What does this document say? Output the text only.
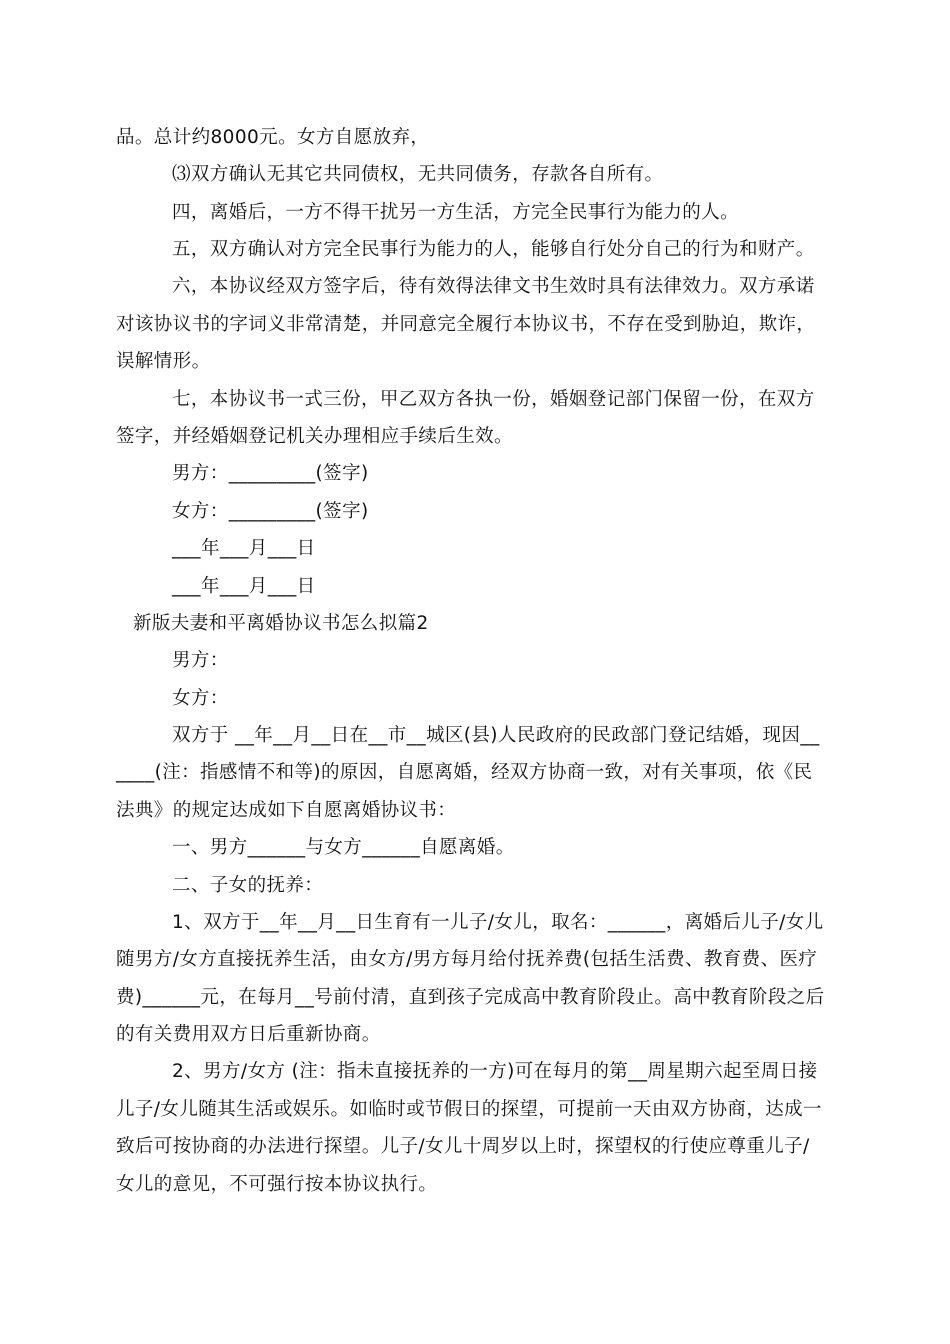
品。总计约8000元。女方自愿放弃，
⑶双方确认无其它共同债权，无共同债务，存款各自所有。
四，离婚后，一方不得干扰另一方生活，方完全民事行为能力的人。
五，双方确认对方完全民事行为能力的人，能够自行处分自己的行为和财产。
六，本协议经双方签字后，待有效得法律文书生效时具有法律效力。双方承诺
对该协议书的字词义非常清楚，并同意完全履行本协议书，不存在受到胁迫，欺诈，
误解情形。
七，本协议书一式三份，甲乙双方各执一份，婚姻登记部门保留一份，在双方
签字，并经婚姻登记机关办理相应手续后生效。
男方：_________(签字)
女方：_________(签字)
___年___月___日
___年___月___日
新版夫妻和平离婚协议书怎么拟篇2
男方：
女方：
双方于 __年__月__日在__市__城区(县)人民政府的民政部门登记结婚，现因__
____(注：指感情不和等)的原因，自愿离婚，经双方协商一致，对有关事项，依《民
法典》的规定达成如下自愿离婚协议书：
一、男方______与女方______自愿离婚。
二、子女的抚养：
1、双方于__年__月__日生育有一儿子/女儿，取名：______，离婚后儿子/女儿
随男方/女方直接抚养生活，由女方/男方每月给付抚养费(包括生活费、教育费、医疗
费)______元，在每月__号前付清，直到孩子完成高中教育阶段止。高中教育阶段之后
的有关费用双方日后重新协商。
2、男方/女方 (注：指未直接抚养的一方)可在每月的第__周星期六起至周日接
儿子/女儿随其生活或娱乐。如临时或节假日的探望，可提前一天由双方协商，达成一
致后可按协商的办法进行探望。儿子/女儿十周岁以上时，探望权的行使应尊重儿子/
女儿的意见，不可强行按本协议执行。
